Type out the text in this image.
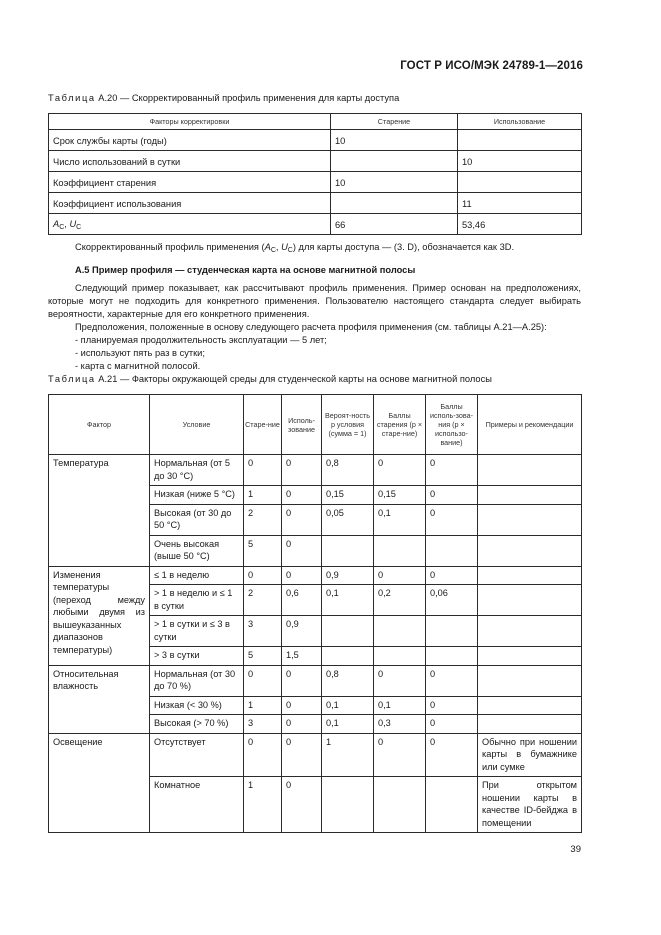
ГОСТ Р ИСО/МЭК 24789-1—2016
Таблица А.20 — Скорректированный профиль применения для карты доступа
Факторы корректировки	Старение	Использование
Срок службы карты (годы)	10	
Число использований в сутки		10
Коэффициент старения	10	
Коэффициент использования		11
$A_C$, $U_C$	66	53,46

Скорректированный профиль применения ($A_C$, $U_C$) для карты доступа — (3. D), обозначается как 3D.

А.5 Пример профиля — студенческая карта на основе магнитной полосы

Следующий пример показывает, как рассчитывают профиль применения. Пример основан на предположениях, которые могут не подходить для конкретного применения. Пользователю настоящего стандарта следует выбирать вероятности, характерные для его конкретного применения.

Предположения, положенные в основу следующего расчета профиля применения (см. таблицы А.21—А.25):

- планируемая продолжительность эксплуатации — 5 лет;

- используют пять раз в сутки;

- карта с магнитной полосой.

Таблица А.21 — Факторы окружающей среды для студенческой карты на основе магнитной полосы
Фактор	Условие	Старе-ние	Исполь-зование	Вероят-ность p условия (сумма = 1)	Баллы старения (p × старе-ние)	Баллы исполь-зова-ния (p × использо-вание)	Примеры и рекомендации
Температура	Нормальная (от 5 до 30 °C)	0	0	0,8	0	0	
	Низкая (ниже 5 °C)	1	0	0,15	0,15	0	
	Высокая (от 30 до 50 °C)	2	0	0,05	0,1	0	
	Очень высокая (выше 50 °C)	5	0				
Изменения температуры (переход между любыми двумя из вышеуказанных диапазонов температуры)	≤ 1 в неделю	0	0	0,9	0	0	
	> 1 в неделю и ≤ 1 в сутки	2	0,6	0,1	0,2	0,06	
	> 1 в сутки и ≤ 3 в сутки	3	0,9				
	> 3 в сутки	5	1,5				
Относительная влажность	Нормальная (от 30 до 70 %)	0	0	0,8	0	0	
	Низкая (< 30 %)	1	0	0,1	0,1	0	
	Высокая (> 70 %)	3	0	0,1	0,3	0	
Освещение	Отсутствует	0	0	1	0	0	Обычно при ношении карты в бумажнике или сумке
	Комнатное	1	0				При открытом ношении карты в качестве ID-бейджа в помещении
39
